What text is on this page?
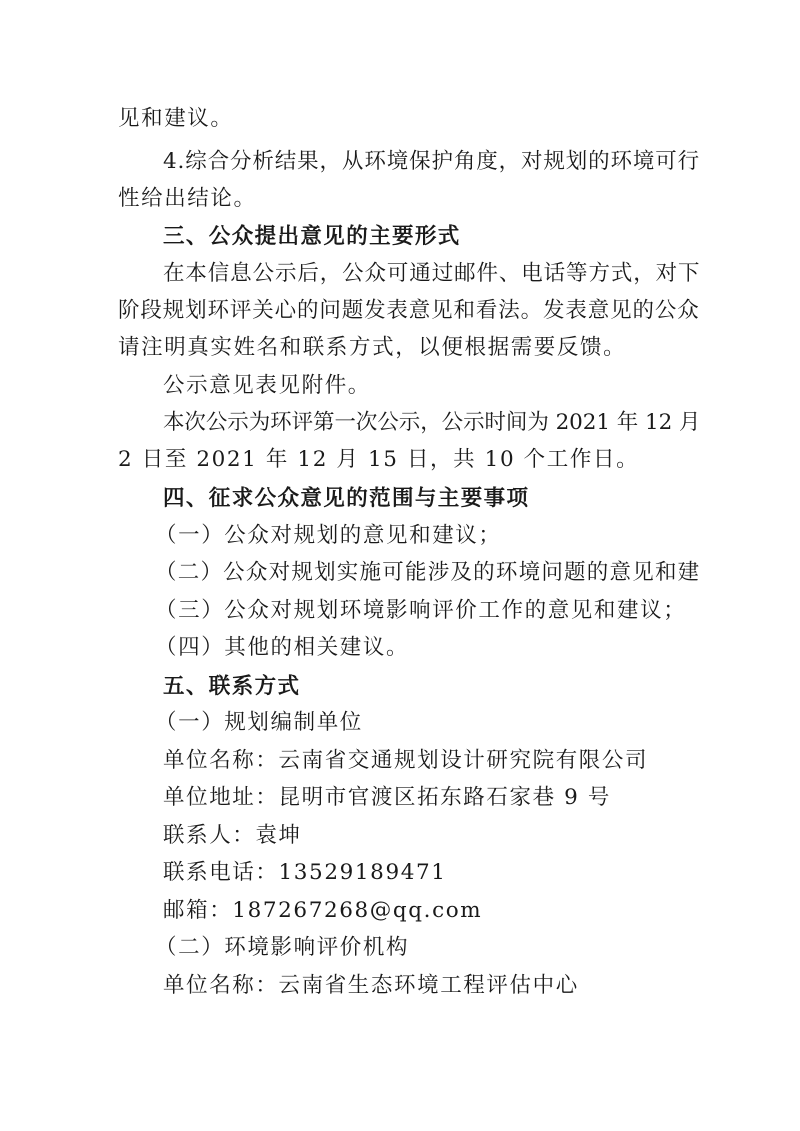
见和建议。
4.综合分析结果，从环境保护角度，对规划的环境可行
性给出结论。
三、公众提出意见的主要形式
在本信息公示后，公众可通过邮件、电话等方式，对下
阶段规划环评关心的问题发表意见和看法。发表意见的公众
请注明真实姓名和联系方式，以便根据需要反馈。
公示意见表见附件。
本次公示为环评第一次公示，公示时间为 2021 年 12 月
2 日至 2021 年 12 月 15 日，共 10 个工作日。
四、征求公众意见的范围与主要事项
（一）公众对规划的意见和建议；
（二）公众对规划实施可能涉及的环境问题的意见和建
（三）公众对规划环境影响评价工作的意见和建议；
（四）其他的相关建议。
五、联系方式
（一）规划编制单位
单位名称：云南省交通规划设计研究院有限公司
单位地址：昆明市官渡区拓东路石家巷 9 号
联系人：袁坤
联系电话：13529189471
邮箱：187267268@qq.com
（二）环境影响评价机构
单位名称：云南省生态环境工程评估中心
